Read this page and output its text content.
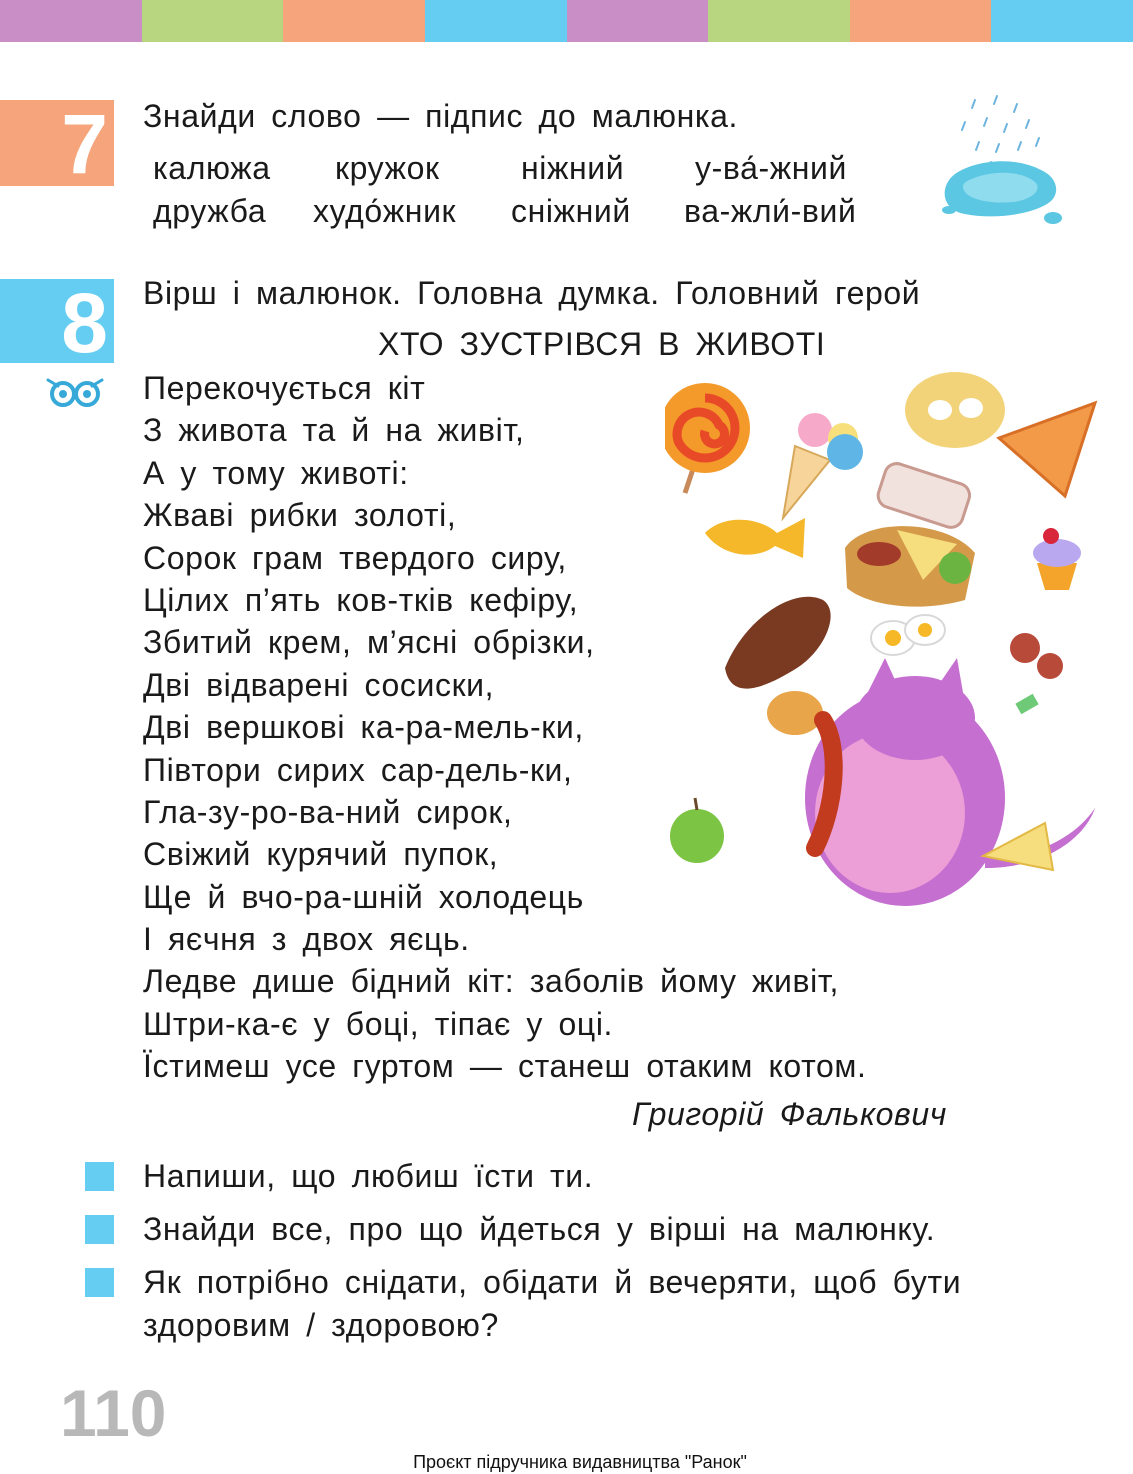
7 Знайди слово — підпис до малюнка.
калюжа кружок	ніжний у-ва́-жний
дружба худо́жник сніжний ва-жли́-вий
8 Вірш і малюнок. Головна думка. Головний герой
ХТО ЗУСТРІВСЯ В ЖИВОТІ
Перекочується кіт
З живота та й на живіт,
А у тому животі:
Жваві рибки золоті,
Сорок грам твердого сиру,
Цілих п’ять ков-тків кефіру,
Збитий крем, м’ясні обрізки,
Дві відварені сосиски,
Дві вершкові ка-ра-мель-ки,
Півтори сирих сар-дель-ки,
Гла-зу-ро-ва-ний сирок,
Свіжий курячий пупок,
Ще й вчо-ра-шній холодець
І яєчня з двох яєць.
Ледве дише бідний кіт: заболів йому живіт,
Штри-ка-є у боці, тіпає у оці.
Їстимеш усе гуртом — станеш отаким котом.
Григорій Фалькович
Напиши, що любиш їсти ти.
Знайди все, про що йдеться у вірші на малюнку.
Як потрібно снідати, обідати й вечеряти, щоб бути
здоровим / здоровою?
110
Проєкт підручника видавництва "Ранок"
